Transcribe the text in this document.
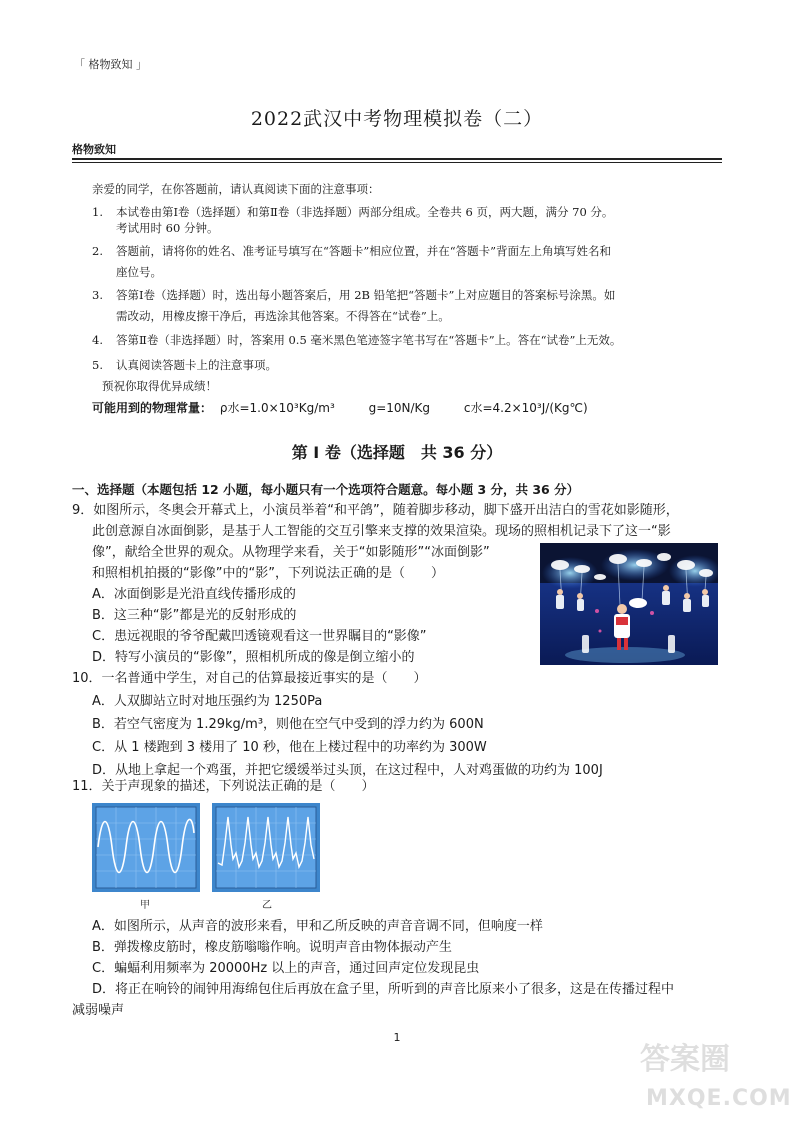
「 格物致知 」
2022武汉中考物理模拟卷（二）
格物致知
亲爱的同学，在你答题前，请认真阅读下面的注意事项：
1. 本试卷由第Ⅰ卷（选择题）和第Ⅱ卷（非选择题）两部分组成。全卷共 6 页，两大题，满分 70 分。
考试用时 60 分钟。
2. 答题前，请将你的姓名、准考证号填写在“答题卡”相应位置，并在“答题卡”背面左上角填写姓名和
座位号。
3. 答第Ⅰ卷（选择题）时，选出每小题答案后，用 2B 铅笔把“答题卡”上对应题目的答案标号涂黑。如
需改动，用橡皮擦干净后，再选涂其他答案。不得答在“试卷”上。
4. 答第Ⅱ卷（非选择题）时，答案用 0.5 毫米黑色笔迹签字笔书写在“答题卡”上。答在“试卷”上无效。
5. 认真阅读答题卡上的注意事项。
预祝你取得优异成绩！
可能用到的物理常量： ρ水=1.0×10³Kg/m³	g=10N/Kg	c水=4.2×10³J/(Kg℃)
第 I 卷（选择题　共 36 分）
一、选择题（本题包括 12 小题，每小题只有一个选项符合题意。每小题 3 分，共 36 分）
9．如图所示，冬奥会开幕式上，小演员举着“和平鸽”，随着脚步移动，脚下盛开出洁白的雪花如影随形，
此创意源自冰面倒影，是基于人工智能的交互引擎来支撑的效果渲染。现场的照相机记录下了这一“影
像”，献给全世界的观众。从物理学来看，关于“如影随形”“冰面倒影”
和照相机拍摄的“影像”中的“影”，下列说法正确的是（　　）
A．冰面倒影是光沿直线传播形成的
B．这三种“影”都是光的反射形成的
C．患远视眼的爷爷配戴凹透镜观看这一世界瞩目的“影像”
D．特写小演员的“影像”，照相机所成的像是倒立缩小的
10．一名普通中学生，对自己的估算最接近事实的是（　　）
A．人双脚站立时对地压强约为 1250Pa
B．若空气密度为 1.29kg/m³，则他在空气中受到的浮力约为 600N
C．从 1 楼跑到 3 楼用了 10 秒，他在上楼过程中的功率约为 300W
D．从地上拿起一个鸡蛋，并把它缓缓举过头顶，在这过程中，人对鸡蛋做的功约为 100J
11．关于声现象的描述，下列说法正确的是（　　）
甲	乙
A．如图所示，从声音的波形来看，甲和乙所反映的声音音调不同，但响度一样
B．弹拨橡皮筋时，橡皮筋嗡嗡作响。说明声音由物体振动产生
C．蝙蝠利用频率为 20000Hz 以上的声音，通过回声定位发现昆虫
D．将正在响铃的闹钟用海绵包住后再放在盒子里，所听到的声音比原来小了很多，这是在传播过程中
减弱噪声
1
答案圈
MXQE.COM
